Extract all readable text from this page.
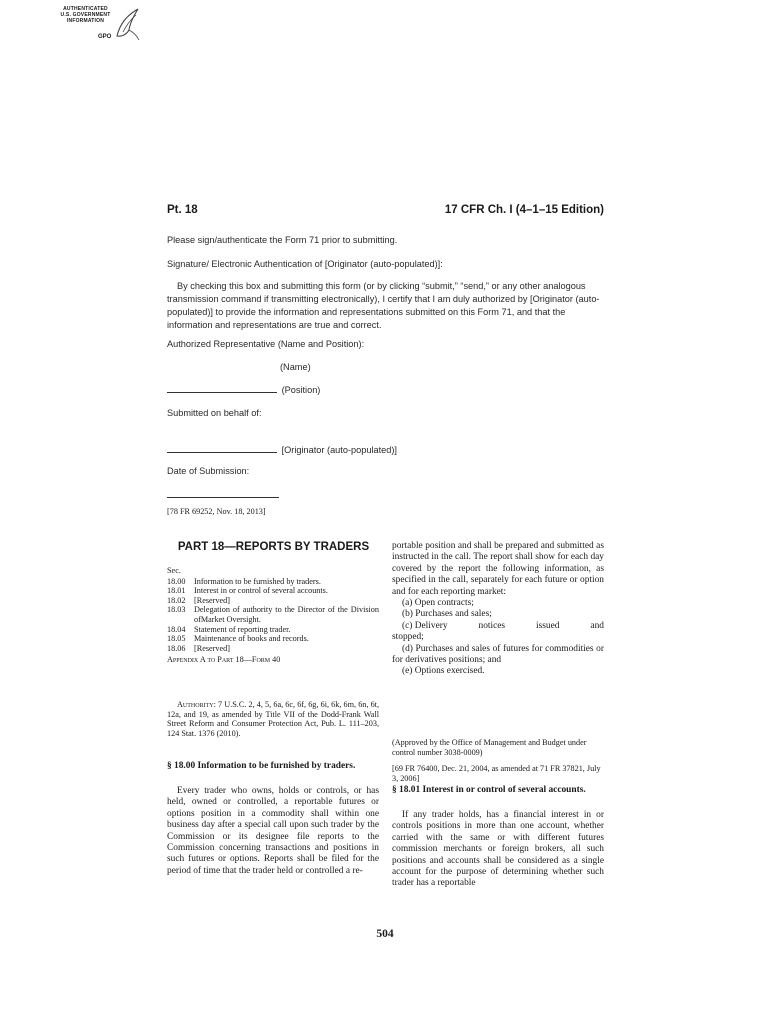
AUTHENTICATED
U.S. GOVERNMENT
INFORMATION
GPO
Pt. 18	17 CFR Ch. I (4–1–15 Edition)
Please sign/authenticate the Form 71 prior to submitting.
Signature/ Electronic Authentication of [Originator (auto-populated)]:
By checking this box and submitting this form (or by clicking “submit,” “send,” or any other analogous transmission command if transmitting electronically), I certify that I am duly authorized by [Originator (auto-populated)] to provide the information and representations submitted on this Form 71, and that the information and representations are true and correct.
Authorized Representative (Name and Position):
(Name)
(Position)
Submitted on behalf of:
[Originator (auto-populated)]
Date of Submission:
[78 FR 69252, Nov. 18, 2013]
PART 18—REPORTS BY TRADERS
Sec.
18.00	Information to be furnished by traders.
18.01	Interest in or control of several accounts.
18.02	[Reserved]
18.03	Delegation of authority to the Director of the Division ofMarket Oversight.
18.04	Statement of reporting trader.
18.05	Maintenance of books and records.
18.06	[Reserved]
Appendix A to Part 18—Form 40
Authority: 7 U.S.C. 2, 4, 5, 6a, 6c, 6f, 6g, 6i, 6k, 6m, 6n, 6t, 12a, and 19, as amended by Title VII of the Dodd-Frank Wall Street Reform and Consumer Protection Act, Pub. L. 111–203, 124 Stat. 1376 (2010).
§ 18.00 Information to be furnished by traders.
Every trader who owns, holds or controls, or has held, owned or controlled, a reportable futures or options position in a commodity shall within one business day after a special call upon such trader by the Commission or its designee file reports to the Commission concerning transactions and positions in such futures or options. Reports shall be filed for the period of time that the trader held or controlled a re-
portable position and shall be prepared and submitted as instructed in the call. The report shall show for each day covered by the report the following information, as specified in the call, separately for each future or option and for each reporting market:
(a) Open contracts;
(b) Purchases and sales;
(c) Delivery	notices	issued	and
stopped;
(d) Purchases and sales of futures for commodities or for derivatives positions; and
(e) Options exercised.
(Approved by the Office of Management and Budget under control number 3038-0009)
[69 FR 76400, Dec. 21, 2004, as amended at 71 FR 37821, July 3, 2006]
§ 18.01 Interest in or control of several accounts.
If any trader holds, has a financial interest in or controls positions in more than one account, whether carried with the same or with different futures commission merchants or foreign brokers, all such positions and accounts shall be considered as a single account for the purpose of determining whether such trader has a reportable
504
